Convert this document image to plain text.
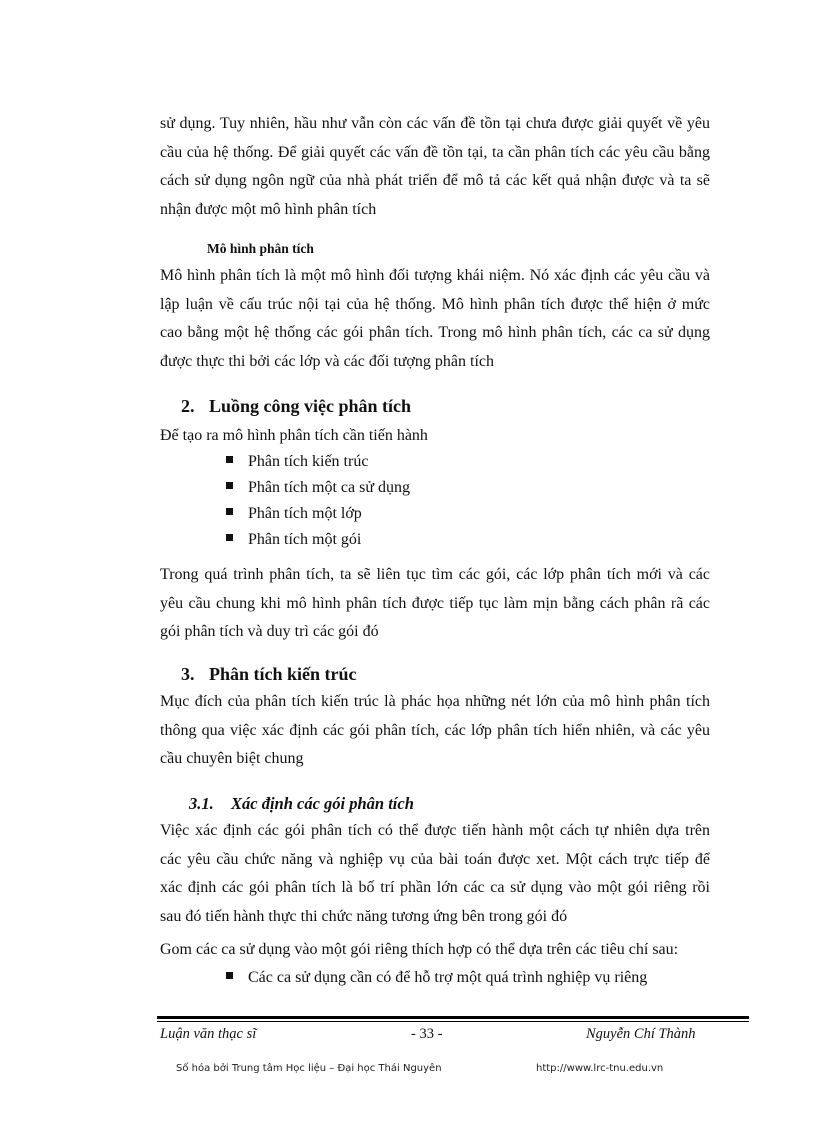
sử dụng. Tuy nhiên, hầu như vẫn còn các vấn đề tồn tại chưa được giải quyết về yêu

cầu của hệ thống. Để giải quyết các vấn đề tồn tại, ta cần phân tích các yêu cầu bằng

cách sử dụng ngôn ngữ của nhà phát triển để mô tả các kết quả nhận được và ta sẽ

nhận được một mô hình phân tích

Mô hình phân tích

Mô hình phân tích là một mô hình đối tượng khái niệm. Nó xác định các yêu cầu và

lập luận về cấu trúc nội tại của hệ thống. Mô hình phân tích được thể hiện ở mức

cao bằng một hệ thống các gói phân tích. Trong mô hình phân tích, các ca sử dụng

được thực thi bởi các lớp và các đối tượng phân tích

2. Luồng công việc phân tích

Để tạo ra mô hình phân tích cần tiến hành

Phân tích kiến trúc
Phân tích một ca sử dụng
Phân tích một lớp
Phân tích một gói

Trong quá trình phân tích, ta sẽ liên tục tìm các gói, các lớp phân tích mới và các

yêu cầu chung khi mô hình phân tích được tiếp tục làm mịn bằng cách phân rã các

gói phân tích và duy trì các gói đó

3. Phân tích kiến trúc

Mục đích của phân tích kiến trúc là phác họa những nét lớn của mô hình phân tích

thông qua việc xác định các gói phân tích, các lớp phân tích hiển nhiên, và các yêu

cầu chuyên biệt chung

3.1. Xác định các gói phân tích

Việc xác định các gói phân tích có thể được tiến hành một cách tự nhiên dựa trên

các yêu cầu chức năng và nghiệp vụ của bài toán được xet. Một cách trực tiếp để

xác định các gói phân tích là bố trí phần lớn các ca sử dụng vào một gói riêng rồi

sau đó tiến hành thực thi chức năng tương ứng bên trong gói đó

Gom các ca sử dụng vào một gói riêng thích hợp có thể dựa trên các tiêu chí sau:

Các ca sử dụng cần có để hỗ trợ một quá trình nghiệp vụ riêng
Luận văn thạc sĩ	- 33 -	Nguyễn Chí Thành
Số hóa bởi Trung tâm Học liệu – Đại học Thái Nguyên	http://www.lrc-tnu.edu.vn
